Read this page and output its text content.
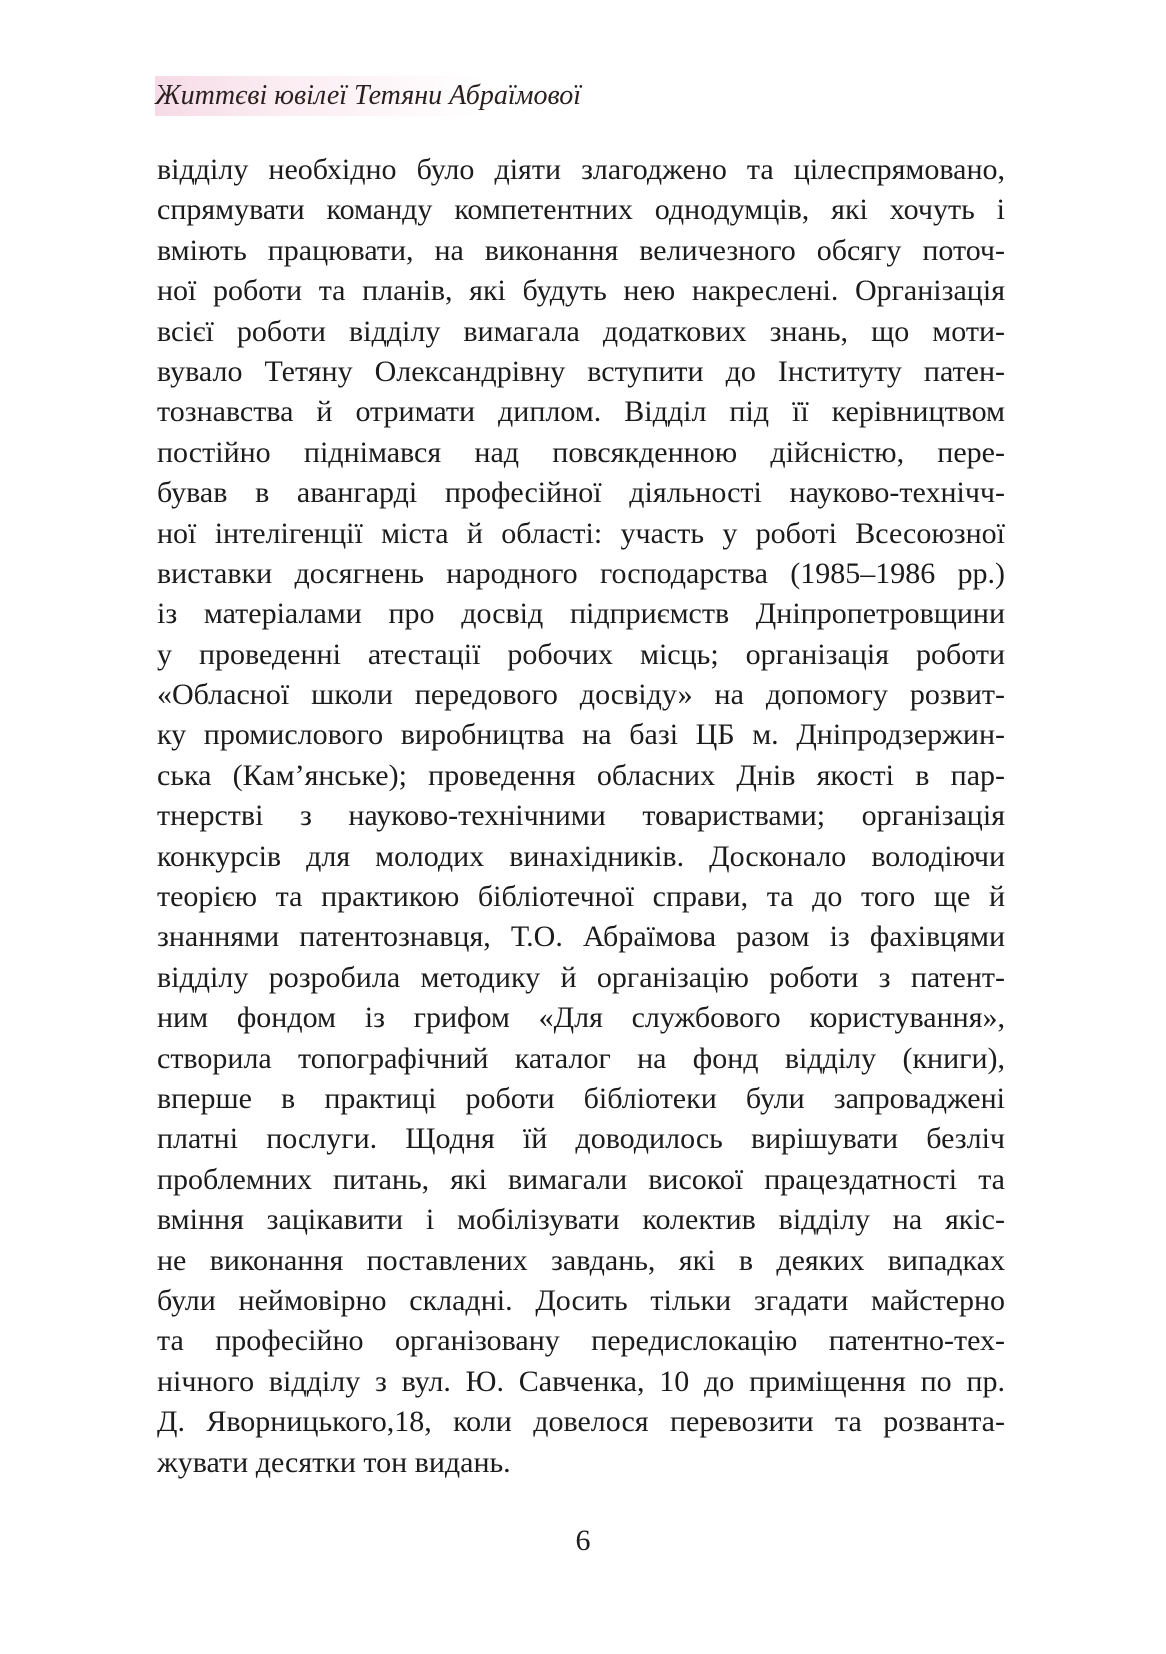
Життєві ювілеї Тетяни Абраїмової
відділу необхідно було діяти злагоджено та цілеспрямовано,
спрямувати команду компетентних однодумців, які хочуть і
вміють працювати, на виконання величезного обсягу поточ-
ної роботи та планів, які будуть нею накреслені. Організація
всієї роботи відділу вимагала додаткових знань, що моти-
вувало Тетяну Олександрівну вступити до Інституту патен-
тознавства й отримати диплом. Відділ під її керівництвом
постійно піднімався над повсякденною дійсністю, пере-
бував в авангарді професійної діяльності науково-технічч-
ної інтелігенції міста й області: участь у роботі Всесоюзної
виставки досягнень народного господарства (1985–1986 рр.)
із матеріалами про досвід підприємств Дніпропетровщини
у проведенні атестації робочих місць; організація роботи
«Обласної школи передового досвіду» на допомогу розвит-
ку промислового виробництва на базі ЦБ м. Дніпродзержин-
ська (Кам’янське); проведення обласних Днів якості в пар-
тнерстві з науково-технічними товариствами; організація
конкурсів для молодих винахідників. Досконало володіючи
теорією та практикою бібліотечної справи, та до того ще й
знаннями патентознавця, Т.О. Абраїмова разом із фахівцями
відділу розробила методику й організацію роботи з патент-
ним фондом із грифом «Для службового користування»,
створила топографічний каталог на фонд відділу (книги),
вперше в практиці роботи бібліотеки були запроваджені
платні послуги. Щодня їй доводилось вирішувати безліч
проблемних питань, які вимагали високої працездатності та
вміння зацікавити і мобілізувати колектив відділу на якіс-
не виконання поставлених завдань, які в деяких випадках
були неймовірно складні. Досить тільки згадати майстерно
та професійно організовану передислокацію патентно-тех-
нічного відділу з вул. Ю. Савченка, 10 до приміщення по пр.
Д. Яворницького,18, коли довелося перевозити та розванта-
жувати десятки тон видань.
6
